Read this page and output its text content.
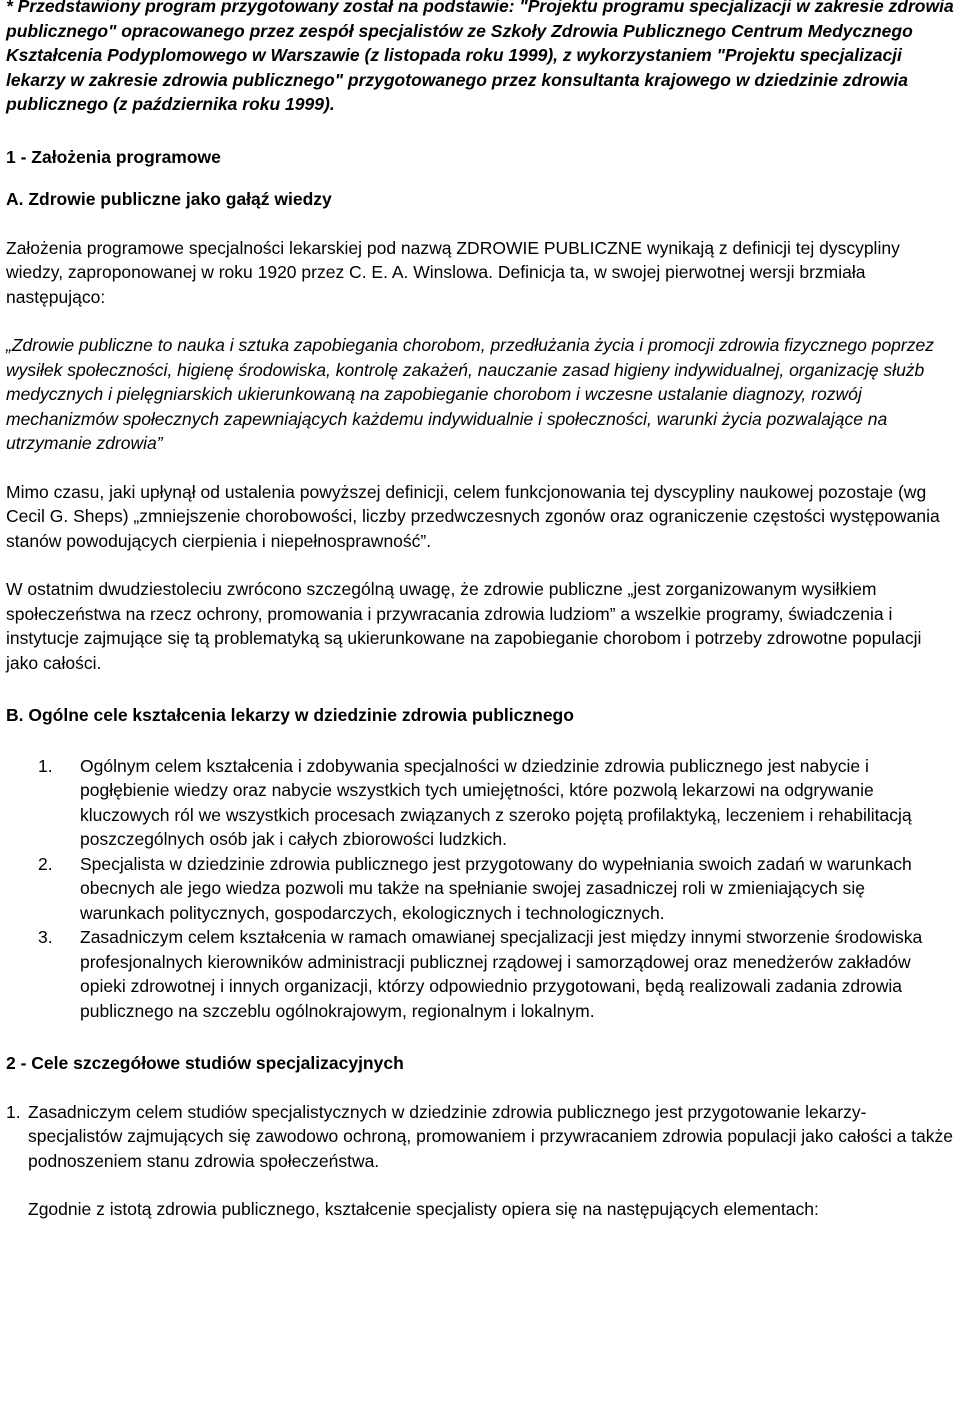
* Przedstawiony program przygotowany został na podstawie: "Projektu programu specjalizacji w zakresie zdrowia publicznego" opracowanego przez zespół specjalistów ze Szkoły Zdrowia Publicznego Centrum Medycznego Kształcenia Podyplomowego w Warszawie (z listopada roku 1999), z wykorzystaniem "Projektu specjalizacji lekarzy w zakresie zdrowia publicznego" przygotowanego przez konsultanta krajowego w dziedzinie zdrowia publicznego (z października roku 1999).

1 - Założenia programowe

A. Zdrowie publiczne jako gałąź wiedzy

Założenia programowe specjalności lekarskiej pod nazwą ZDROWIE PUBLICZNE wynikają z definicji tej dyscypliny wiedzy, zaproponowanej w roku 1920 przez C. E. A. Winslowa. Definicja ta, w swojej pierwotnej wersji brzmiała następująco:

„Zdrowie publiczne to nauka i sztuka zapobiegania chorobom, przedłużania życia i promocji zdrowia fizycznego poprzez wysiłek społeczności, higienę środowiska, kontrolę zakażeń, nauczanie zasad higieny indywidualnej, organizację służb medycznych i pielęgniarskich ukierunkowaną na zapobieganie chorobom i wczesne ustalanie diagnozy, rozwój mechanizmów społecznych zapewniających każdemu indywidualnie i społeczności, warunki życia pozwalające na utrzymanie zdrowia”

Mimo czasu, jaki upłynął od ustalenia powyższej definicji, celem funkcjonowania tej dyscypliny naukowej pozostaje (wg Cecil G. Sheps) „zmniejszenie chorobowości, liczby przedwczesnych zgonów oraz ograniczenie częstości występowania stanów powodujących cierpienia i niepełnosprawność”.

W ostatnim dwudziestoleciu zwrócono szczególną uwagę, że zdrowie publiczne „jest zorganizowanym wysiłkiem społeczeństwa na rzecz ochrony, promowania i przywracania zdrowia ludziom” a wszelkie programy, świadczenia i instytucje zajmujące się tą problematyką są ukierunkowane na zapobieganie chorobom i potrzeby zdrowotne populacji jako całości.

B. Ogólne cele kształcenia lekarzy w dziedzinie zdrowia publicznego

1. Ogólnym celem kształcenia i zdobywania specjalności w dziedzinie zdrowia publicznego jest nabycie i pogłębienie wiedzy oraz nabycie wszystkich tych umiejętności, które pozwolą lekarzowi na odgrywanie kluczowych ról we wszystkich procesach związanych z szeroko pojętą profilaktyką, leczeniem i rehabilitacją poszczególnych osób jak i całych zbiorowości ludzkich.
2. Specjalista w dziedzinie zdrowia publicznego jest przygotowany do wypełniania swoich zadań w warunkach obecnych ale jego wiedza pozwoli mu także na spełnianie swojej zasadniczej roli w zmieniających się warunkach politycznych, gospodarczych, ekologicznych i technologicznych.
3. Zasadniczym celem kształcenia w ramach omawianej specjalizacji jest między innymi stworzenie środowiska profesjonalnych kierowników administracji publicznej rządowej i samorządowej oraz menedżerów zakładów opieki zdrowotnej i innych organizacji, którzy odpowiednio przygotowani, będą realizowali zadania zdrowia publicznego na szczeblu ogólnokrajowym, regionalnym i lokalnym.

2 - Cele szczegółowe studiów specjalizacyjnych

1. Zasadniczym celem studiów specjalistycznych w dziedzinie zdrowia publicznego jest przygotowanie lekarzy-specjalistów zajmujących się zawodowo ochroną, promowaniem i przywracaniem zdrowia populacji jako całości a także podnoszeniem stanu zdrowia społeczeństwa.

Zgodnie z istotą zdrowia publicznego, kształcenie specjalisty opiera się na następujących elementach:
